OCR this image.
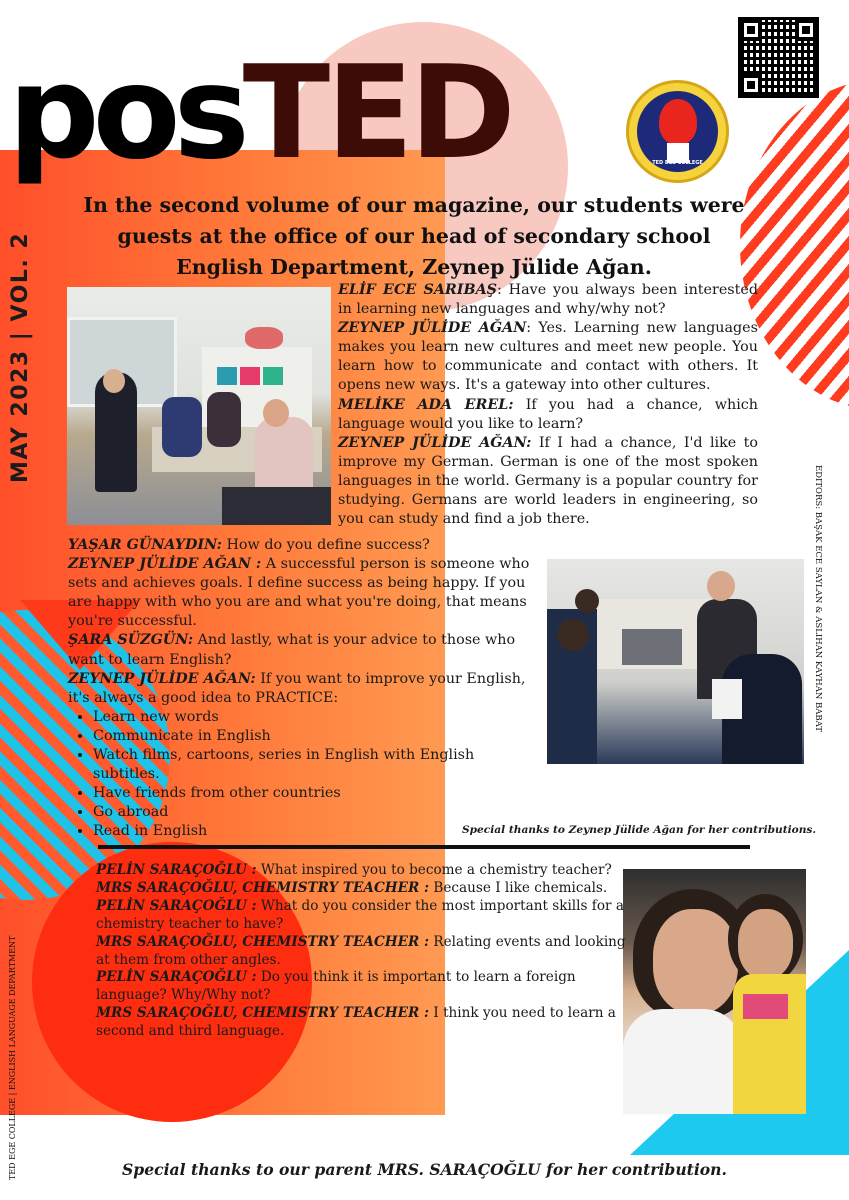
posTED	TED EGE COLLEGE
MAY 2023 | VOL. 2
EDITORS: BAŞAK ECE SAYLAN & ASLIHAN KAYHAN BABAT
TED EGE COLLEGE | ENGLISH LANGUAGE DEPARTMENT
In the second volume of our magazine, our students were guests at the office of our head of secondary school English Department, Zeynep Jülide Ağan.

ELİF ECE SARIBAŞ: Have you always been interested in learning new languages and why/why not?

ZEYNEP JÜLİDE AĞAN: Yes. Learning new languages makes you learn new cultures and meet new people. You learn how to communicate and contact with others. It opens new ways. It's a gateway into other cultures.

MELİKE ADA EREL: If you had a chance, which language would you like to learn?

ZEYNEP JÜLİDE AĞAN: If I had a chance, I'd like to improve my German. German is one of the most spoken languages in the world. Germany is a popular country for studying. Germans are world leaders in engineering, so you can study and find a job there.

YAŞAR GÜNAYDIN: How do you define success?

ZEYNEP JÜLİDE AĞAN : A successful person is someone who sets and achieves goals. I define success as being happy. If you are happy with who you are and what you're doing, that means you're successful.

ŞARA SÜZGÜN: And lastly, what is your advice to those who want to learn English?

ZEYNEP JÜLİDE AĞAN: If you want to improve your English, it's always a good idea to PRACTICE:

• Learn new words
• Communicate in English
• Watch films, cartoons, series in English with English subtitles.
• Have friends from other countries
• Go abroad
• Read in English	Special thanks to Zeynep Jülide Ağan for her contributions.

PELİN SARAÇOĞLU : What inspired you to become a chemistry teacher?

MRS SARAÇOĞLU, CHEMISTRY TEACHER : Because I like chemicals.

PELİN SARAÇOĞLU : What do you consider the most important skills for a chemistry teacher to have?

MRS SARAÇOĞLU, CHEMISTRY TEACHER : Relating events and looking at them from other angles.

PELİN SARAÇOĞLU : Do you think it is important to learn a foreign language? Why/Why not?

MRS SARAÇOĞLU, CHEMISTRY TEACHER : I think you need to learn a second and third language.

Special thanks to our parent MRS. SARAÇOĞLU for her contribution.
